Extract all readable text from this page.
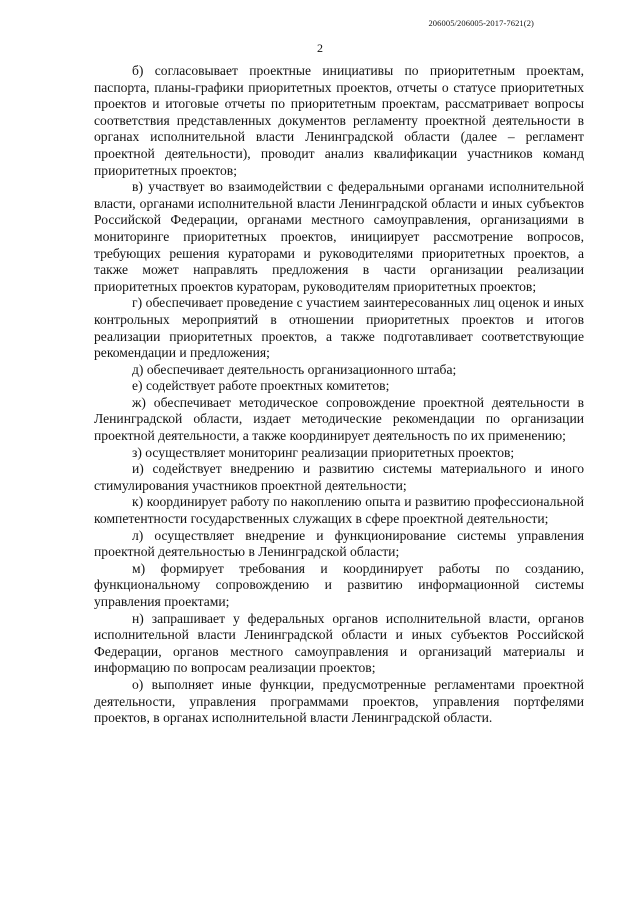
206005/206005-2017-7621(2)
2

б) согласовывает проектные инициативы по приоритетным проектам, паспорта, планы-графики приоритетных проектов, отчеты о статусе приоритетных проектов и итоговые отчеты по приоритетным проектам, рассматривает вопросы соответствия представленных документов регламенту проектной деятельности в органах исполнительной власти Ленинградской области (далее – регламент проектной деятельности), проводит анализ квалификации участников команд приоритетных проектов;

в) участвует во взаимодействии с федеральными органами исполнительной власти, органами исполнительной власти Ленинградской области и иных субъектов Российской Федерации, органами местного самоуправления, организациями в мониторинге приоритетных проектов, инициирует рассмотрение вопросов, требующих решения кураторами и руководителями приоритетных проектов, а также может направлять предложения в части организации реализации приоритетных проектов кураторам, руководителям приоритетных проектов;

г) обеспечивает проведение с участием заинтересованных лиц оценок и иных контрольных мероприятий в отношении приоритетных проектов и итогов реализации приоритетных проектов, а также подготавливает соответствующие рекомендации и предложения;

д) обеспечивает деятельность организационного штаба;

е) содействует работе проектных комитетов;

ж) обеспечивает методическое сопровождение проектной деятельности в Ленинградской области, издает методические рекомендации по организации проектной деятельности, а также координирует деятельность по их применению;

з) осуществляет мониторинг реализации приоритетных проектов;

и) содействует внедрению и развитию системы материального и иного стимулирования участников проектной деятельности;

к) координирует работу по накоплению опыта и развитию профессиональной компетентности государственных служащих в сфере проектной деятельности;

л) осуществляет внедрение и функционирование системы управления проектной деятельностью в Ленинградской области;

м) формирует требования и координирует работы по созданию, функциональному сопровождению и развитию информационной системы управления проектами;

н) запрашивает у федеральных органов исполнительной власти, органов исполнительной власти Ленинградской области и иных субъектов Российской Федерации, органов местного самоуправления и организаций материалы и информацию по вопросам реализации проектов;

о) выполняет иные функции, предусмотренные регламентами проектной деятельности, управления программами проектов, управления портфелями проектов, в органах исполнительной власти Ленинградской области.
